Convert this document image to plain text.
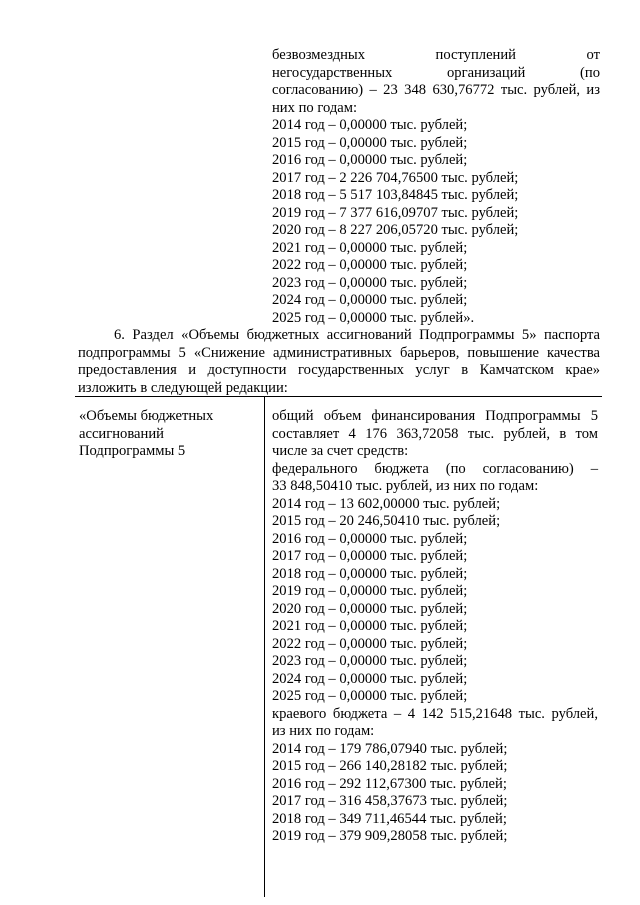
безвозмездных поступлений от
негосударственных организаций (по
согласованию) – 23 348 630,76772 тыс. рублей, из
них по годам:
2014 год – 0,00000 тыс. рублей;
2015 год – 0,00000 тыс. рублей;
2016 год – 0,00000 тыс. рублей;
2017 год – 2 226 704,76500 тыс. рублей;
2018 год – 5 517 103,84845 тыс. рублей;
2019 год – 7 377 616,09707 тыс. рублей;
2020 год – 8 227 206,05720 тыс. рублей;
2021 год – 0,00000 тыс. рублей;
2022 год – 0,00000 тыс. рублей;
2023 год – 0,00000 тыс. рублей;
2024 год – 0,00000 тыс. рублей;
2025 год – 0,00000 тыс. рублей».
6. Раздел «Объемы бюджетных ассигнований Подпрограммы 5» паспорта
подпрограммы 5 «Снижение административных барьеров, повышение качества
предоставления и доступности государственных услуг в Камчатском крае»
изложить в следующей редакции:
«Объемы бюджетных
ассигнований
Подпрограммы 5
общий объем финансирования Подпрограммы 5
составляет 4 176 363,72058 тыс. рублей, в том
числе за счет средств:
федерального бюджета (по согласованию) –
33 848,50410 тыс. рублей, из них по годам:
2014 год – 13 602,00000 тыс. рублей;
2015 год – 20 246,50410 тыс. рублей;
2016 год – 0,00000 тыс. рублей;
2017 год – 0,00000 тыс. рублей;
2018 год – 0,00000 тыс. рублей;
2019 год – 0,00000 тыс. рублей;
2020 год – 0,00000 тыс. рублей;
2021 год – 0,00000 тыс. рублей;
2022 год – 0,00000 тыс. рублей;
2023 год – 0,00000 тыс. рублей;
2024 год – 0,00000 тыс. рублей;
2025 год – 0,00000 тыс. рублей;
краевого бюджета – 4 142 515,21648 тыс. рублей,
из них по годам:
2014 год – 179 786,07940 тыс. рублей;
2015 год – 266 140,28182 тыс. рублей;
2016 год – 292 112,67300 тыс. рублей;
2017 год – 316 458,37673 тыс. рублей;
2018 год – 349 711,46544 тыс. рублей;
2019 год – 379 909,28058 тыс. рублей;
